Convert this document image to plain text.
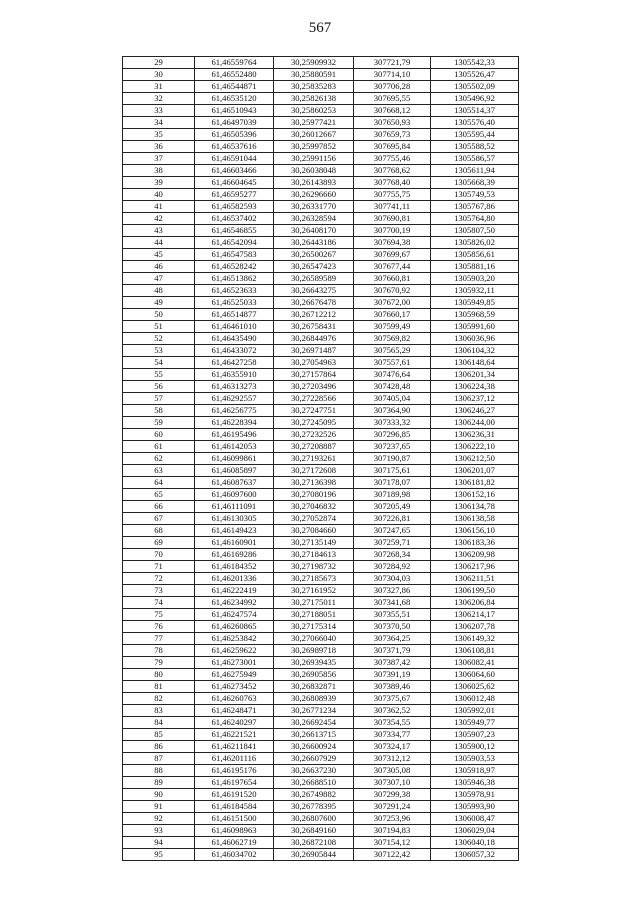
567
29	61,46559764	30,25909932	307721,79	1305542,33
30	61,46552480	30,25880591	307714,10	1305526,47
31	61,46544871	30,25835283	307706,28	1305502,09
32	61,46535120	30,25826138	307695,55	1305496,92
33	61,46510943	30,25860253	307668,12	1305514,37
34	61,46497039	30,25977421	307650,93	1305576,40
35	61,46505396	30,26012667	307659,73	1305595,44
36	61,46537616	30,25997852	307695,84	1305588,52
37	61,46591044	30,25991156	307755,46	1305586,57
38	61,46603466	30,26038048	307768,62	1305611,94
39	61,46604645	30,26143893	307768,40	1305668,39
40	61,46595277	30,26296660	307755,75	1305749,53
41	61,46582593	30,26331770	307741,11	1305767,86
42	61,46537402	30,26328594	307690,81	1305764,80
43	61,46546855	30,26408170	307700,19	1305807,50
44	61,46542094	30,26443186	307694,38	1305826,02
45	61,46547583	30,26500267	307699,67	1305856,61
46	61,46528242	30,26547423	307677,44	1305881,16
47	61,46513862	30,26589589	307660,81	1305903,20
48	61,46523633	30,26643275	307670,92	1305932,11
49	61,46525033	30,26676478	307672,00	1305949,85
50	61,46514877	30,26712212	307660,17	1305968,59
51	61,46461010	30,26758431	307599,49	1305991,60
52	61,46435490	30,26844976	307569,82	1306036,96
53	61,46433072	30,26971487	307565,29	1306104,32
54	61,46427258	30,27054963	307557,61	1306148,64
55	61,46355910	30,27157864	307476,64	1306201,34
56	61,46313273	30,27203496	307428,48	1306224,38
57	61,46292557	30,27228566	307405,04	1306237,12
58	61,46256775	30,27247751	307364,90	1306246,27
59	61,46228394	30,27245095	307333,32	1306244,00
60	61,46195496	30,27232526	307296,85	1306236,31
61	61,46142053	30,27208887	307237,65	1306222,10
62	61,46099861	30,27193261	307190,87	1306212,50
63	61,46085897	30,27172608	307175,61	1306201,07
64	61,46087637	30,27136398	307178,07	1306181,82
65	61,46097600	30,27080196	307189,98	1306152,16
66	61,46111091	30,27046832	307205,49	1306134,78
67	61,46130305	30,27052874	307226,81	1306138,58
68	61,46149423	30,27084660	307247,65	1306156,10
69	61,46160901	30,27135149	307259,71	1306183,36
70	61,46169286	30,27184613	307268,34	1306209,98
71	61,46184352	30,27198732	307284,92	1306217,96
72	61,46201336	30,27185673	307304,03	1306211,51
73	61,46222419	30,27161952	307327,86	1306199,50
74	61,46234992	30,27175011	307341,68	1306206,84
75	61,46247574	30,27188051	307355,51	1306214,17
76	61,46260865	30,27175314	307370,50	1306207,78
77	61,46253842	30,27066040	307364,25	1306149,32
78	61,46259622	30,26989718	307371,79	1306108,81
79	61,46273001	30,26939435	307387,42	1306082,41
80	61,46275949	30,26905856	307391,19	1306064,60
81	61,46273452	30,26832871	307389,46	1306025,62
82	61,46260763	30,26808939	307375,67	1306012,48
83	61,46248471	30,26771234	307362,52	1305992,01
84	61,46240297	30,26692454	307354,55	1305949,77
85	61,46221521	30,26613715	307334,77	1305907,23
86	61,46211841	30,26600924	307324,17	1305900,12
87	61,46201116	30,26607929	307312,12	1305903,53
88	61,46195176	30,26637230	307305,08	1305918,97
89	61,46197654	30,26688510	307307,10	1305946,38
90	61,46191520	30,26749882	307299,38	1305978,91
91	61,46184584	30,26778395	307291,24	1305993,90
92	61,46151500	30,26807600	307253,96	1306008,47
93	61,46098963	30,26849160	307194,83	1306029,04
94	61,46062719	30,26872108	307154,12	1306040,18
95	61,46034702	30,26905844	307122,42	1306057,32
